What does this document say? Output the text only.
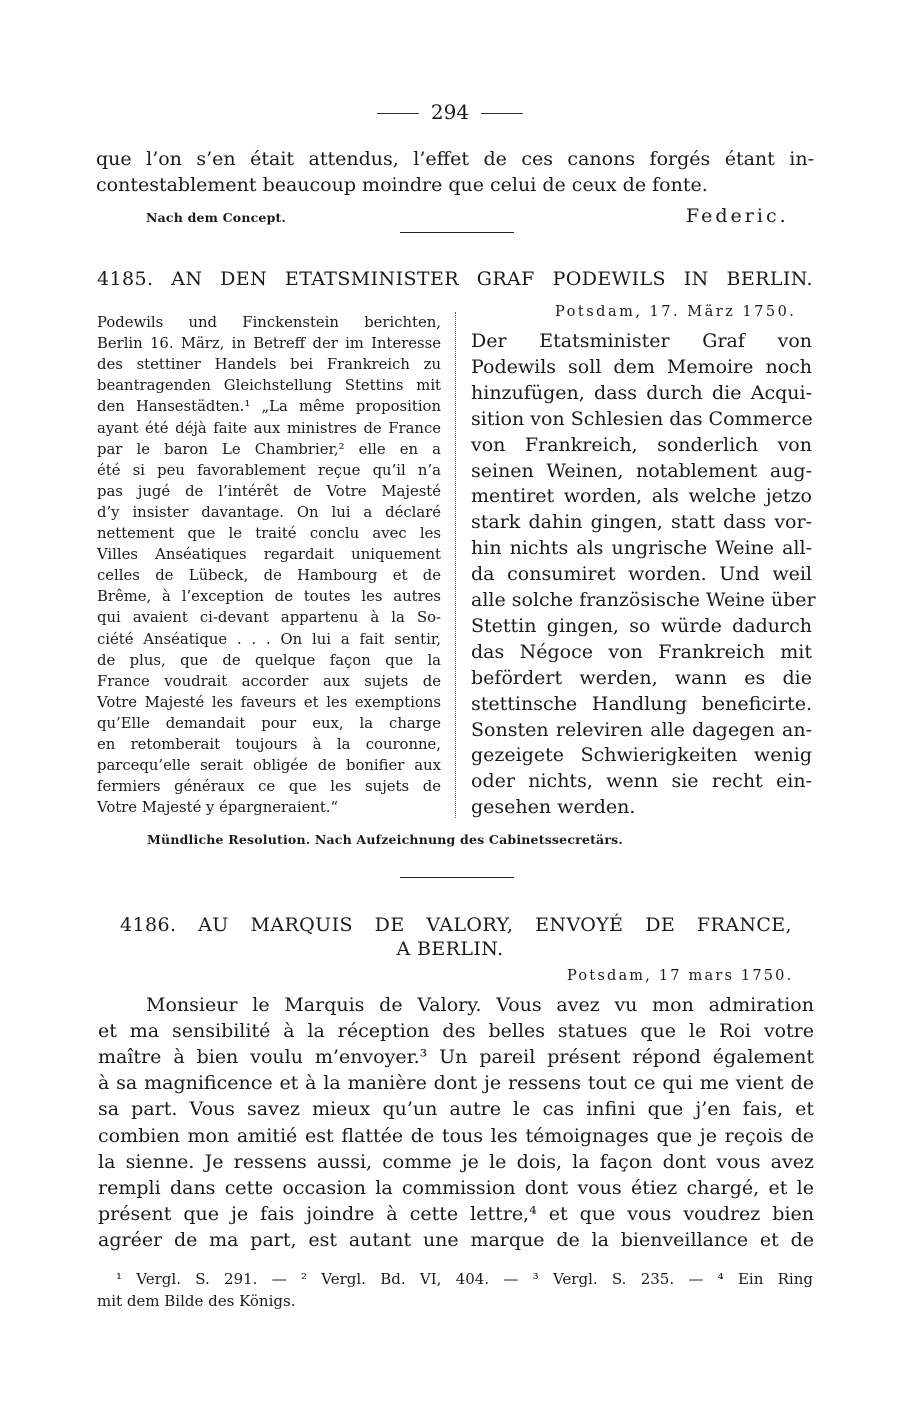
294
que l’on s’en était attendus, l’effet de ces canons forgés étant in-
contestablement beaucoup moindre que celui de ceux de fonte.
Nach dem Concept.	Federic.
4185. AN DEN ETATSMINISTER GRAF PODEWILS IN BERLIN.
Podewils und Finckenstein berichten,
Berlin 16. März, in Betreff der im Interesse
des stettiner Handels bei Frankreich zu
beantragenden Gleichstellung Stettins mit
den Hansestädten.¹ „La même proposition
ayant été déjà faite aux ministres de France
par le baron Le Chambrier,² elle en a
été si peu favorablement reçue qu’il n’a
pas jugé de l’intérêt de Votre Majesté
d’y insister davantage. On lui a déclaré
nettement que le traité conclu avec les
Villes Anséatiques regardait uniquement
celles de Lübeck, de Hambourg et de
Brême, à l’exception de toutes les autres
qui avaient ci-devant appartenu à la So-
ciété Anséatique . . . On lui a fait sentir,
de plus, que de quelque façon que la
France voudrait accorder aux sujets de
Votre Majesté les faveurs et les exemptions
qu’Elle demandait pour eux, la charge
en retomberait toujours à la couronne,
parcequ’elle serait obligée de bonifier aux
fermiers généraux ce que les sujets de
Votre Majesté y épargneraient.“
Potsdam, 17. März 1750.
Der Etatsminister Graf von
Podewils soll dem Memoire noch
hinzufügen, dass durch die Acqui-
sition von Schlesien das Commerce
von Frankreich, sonderlich von
seinen Weinen, notablement aug-
mentiret worden, als welche jetzo
stark dahin gingen, statt dass vor-
hin nichts als ungrische Weine all-
da consumiret worden. Und weil
alle solche französische Weine über
Stettin gingen, so würde dadurch
das Négoce von Frankreich mit
befördert werden, wann es die
stettinsche Handlung beneficirte.
Sonsten releviren alle dagegen an-
gezeigete Schwierigkeiten wenig
oder nichts, wenn sie recht ein-
gesehen werden.
Mündliche Resolution. Nach Aufzeichnung des Cabinetssecretärs.
4186. AU MARQUIS DE VALORY, ENVOYÉ DE FRANCE,
A BERLIN.
Potsdam, 17 mars 1750.
Monsieur le Marquis de Valory. Vous avez vu mon admiration
et ma sensibilité à la réception des belles statues que le Roi votre
maître à bien voulu m’envoyer.³ Un pareil présent répond également
à sa magnificence et à la manière dont je ressens tout ce qui me vient de
sa part. Vous savez mieux qu’un autre le cas infini que j’en fais, et
combien mon amitié est flattée de tous les témoignages que je reçois de
la sienne. Je ressens aussi, comme je le dois, la façon dont vous avez
rempli dans cette occasion la commission dont vous étiez chargé, et le
présent que je fais joindre à cette lettre,⁴ et que vous voudrez bien
agréer de ma part, est autant une marque de la bienveillance et de
¹ Vergl. S. 291. — ² Vergl. Bd. VI, 404. — ³ Vergl. S. 235. — ⁴ Ein Ring
mit dem Bilde des Königs.
